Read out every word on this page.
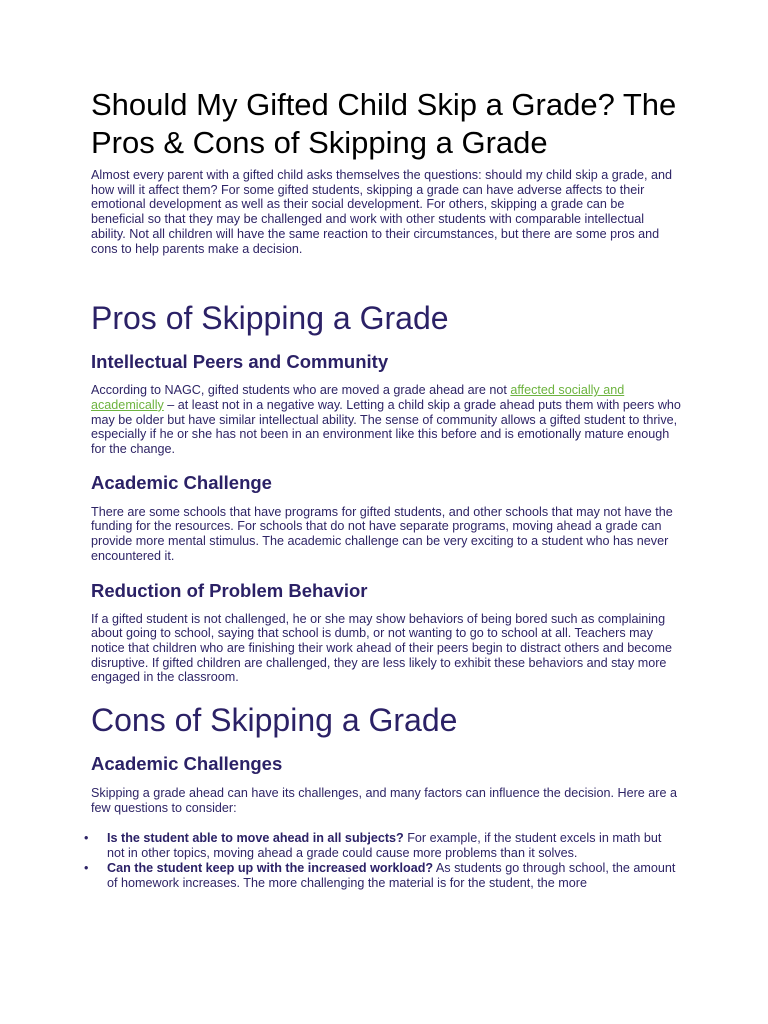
Should My Gifted Child Skip a Grade? The Pros & Cons of Skipping a Grade

Almost every parent with a gifted child asks themselves the questions: should my child skip a grade, and how will it affect them? For some gifted students, skipping a grade can have adverse affects to their emotional development as well as their social development. For others, skipping a grade can be beneficial so that they may be challenged and work with other students with comparable intellectual ability. Not all children will have the same reaction to their circumstances, but there are some pros and cons to help parents make a decision.

Pros of Skipping a Grade
Intellectual Peers and Community

According to NAGC, gifted students who are moved a grade ahead are not affected socially and academically – at least not in a negative way. Letting a child skip a grade ahead puts them with peers who may be older but have similar intellectual ability. The sense of community allows a gifted student to thrive, especially if he or she has not been in an environment like this before and is emotionally mature enough for the change.

Academic Challenge

There are some schools that have programs for gifted students, and other schools that may not have the funding for the resources. For schools that do not have separate programs, moving ahead a grade can provide more mental stimulus. The academic challenge can be very exciting to a student who has never encountered it.

Reduction of Problem Behavior

If a gifted student is not challenged, he or she may show behaviors of being bored such as complaining about going to school, saying that school is dumb, or not wanting to go to school at all. Teachers may notice that children who are finishing their work ahead of their peers begin to distract others and become disruptive. If gifted children are challenged, they are less likely to exhibit these behaviors and stay more engaged in the classroom.

Cons of Skipping a Grade
Academic Challenges

Skipping a grade ahead can have its challenges, and many factors can influence the decision. Here are a few questions to consider:

• Is the student able to move ahead in all subjects? For example, if the student excels in math but not in other topics, moving ahead a grade could cause more problems than it solves.
• Can the student keep up with the increased workload? As students go through school, the amount of homework increases. The more challenging the material is for the student, the more
